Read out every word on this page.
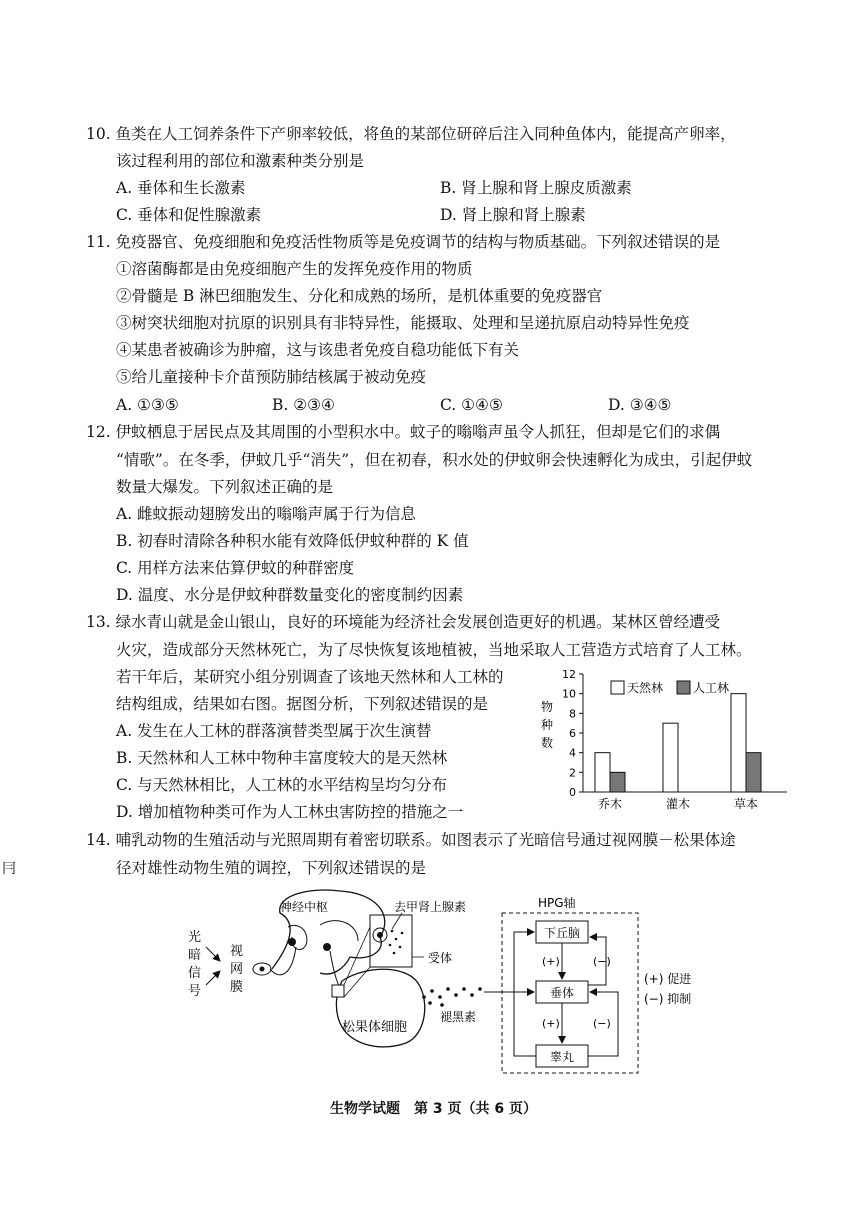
10. 鱼类在人工饲养条件下产卵率较低，将鱼的某部位研碎后注入同种鱼体内，能提高产卵率，
该过程利用的部位和激素种类分别是
A. 垂体和生长激素	B. 肾上腺和肾上腺皮质激素
C. 垂体和促性腺激素	D. 肾上腺和肾上腺素
11. 免疫器官、免疫细胞和免疫活性物质等是免疫调节的结构与物质基础。下列叙述错误的是
①溶菌酶都是由免疫细胞产生的发挥免疫作用的物质
②骨髓是 B 淋巴细胞发生、分化和成熟的场所，是机体重要的免疫器官
③树突状细胞对抗原的识别具有非特异性，能摄取、处理和呈递抗原启动特异性免疫
④某患者被确诊为肿瘤，这与该患者免疫自稳功能低下有关
⑤给儿童接种卡介苗预防肺结核属于被动免疫
A. ①③⑤	B. ②③④	C. ①④⑤	D. ③④⑤
12. 伊蚊栖息于居民点及其周围的小型积水中。蚊子的嗡嗡声虽令人抓狂，但却是它们的求偶
“情歌”。在冬季，伊蚊几乎“消失”，但在初春，积水处的伊蚊卵会快速孵化为成虫，引起伊蚊
数量大爆发。下列叙述正确的是
A. 雌蚊振动翅膀发出的嗡嗡声属于行为信息
B. 初春时清除各种积水能有效降低伊蚊种群的 K 值
C. 用样方法来估算伊蚊的种群密度
D. 温度、水分是伊蚊种群数量变化的密度制约因素
13. 绿水青山就是金山银山，良好的环境能为经济社会发展创造更好的机遇。某林区曾经遭受
火灾，造成部分天然林死亡，为了尽快恢复该地植被，当地采取人工营造方式培育了人工林。
若干年后，某研究小组分别调查了该地天然林和人工林的
结构组成，结果如右图。据图分析，下列叙述错误的是
A. 发生在人工林的群落演替类型属于次生演替
B. 天然林和人工林中物种丰富度较大的是天然林
C. 与天然林相比，人工林的水平结构呈均匀分布
D. 增加植物种类可作为人工林虫害防控的措施之一
物
种
数
0
2
4
6
8
10
12
乔木	灌木	草本
天然林 人工林
14. 哺乳动物的生殖活动与光照周期有着密切联系。如图表示了光暗信号通过视网膜－松果体途
径对雄性动物生殖的调控，下列叙述错误的是
冃
光
暗
信
号
视
网
膜
神经中枢
松果体细胞
去甲肾上腺素
受体
褪黑素
HPG轴
下丘脑
垂体
睾丸
(+)
(+)
(−)
(−)
(+) 促进
(−) 抑制
生物学试题　第 3 页（共 6 页）
